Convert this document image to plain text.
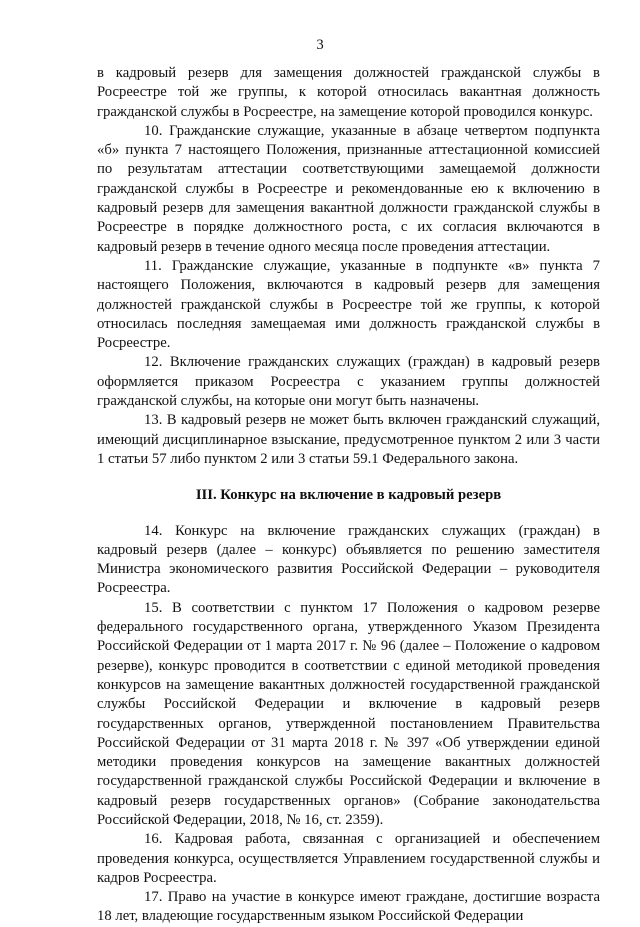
3

в кадровый резерв для замещения должностей гражданской службы в Росреестре той же группы, к которой относилась вакантная должность гражданской службы в Росреестре, на замещение которой проводился конкурс.

10. Гражданские служащие, указанные в абзаце четвертом подпункта «б» пункта 7 настоящего Положения, признанные аттестационной комиссией по результатам аттестации соответствующими замещаемой должности гражданской службы в Росреестре и рекомендованные ею к включению в кадровый резерв для замещения вакантной должности гражданской службы в Росреестре в порядке должностного роста, с их согласия включаются в кадровый резерв в течение одного месяца после проведения аттестации.

11. Гражданские служащие, указанные в подпункте «в» пункта 7 настоящего Положения, включаются в кадровый резерв для замещения должностей гражданской службы в Росреестре той же группы, к которой относилась последняя замещаемая ими должность гражданской службы в Росреестре.

12. Включение гражданских служащих (граждан) в кадровый резерв оформляется приказом Росреестра с указанием группы должностей гражданской службы, на которые они могут быть назначены.

13. В кадровый резерв не может быть включен гражданский служащий, имеющий дисциплинарное взыскание, предусмотренное пунктом 2 или 3 части 1 статьи 57 либо пунктом 2 или 3 статьи 59.1 Федерального закона.

III. Конкурс на включение в кадровый резерв

14. Конкурс на включение гражданских служащих (граждан) в кадровый резерв (далее – конкурс) объявляется по решению заместителя Министра экономического развития Российской Федерации – руководителя Росреестра.

15. В соответствии с пунктом 17 Положения о кадровом резерве федерального государственного органа, утвержденного Указом Президента Российской Федерации от 1 марта 2017 г. № 96 (далее – Положение о кадровом резерве), конкурс проводится в соответствии с единой методикой проведения конкурсов на замещение вакантных должностей государственной гражданской службы Российской Федерации и включение в кадровый резерв государственных органов, утвержденной постановлением Правительства Российской Федерации от 31 марта 2018 г. № 397 «Об утверждении единой методики проведения конкурсов на замещение вакантных должностей государственной гражданской службы Российской Федерации и включение в кадровый резерв государственных органов» (Собрание законодательства Российской Федерации, 2018, № 16, ст. 2359).

16. Кадровая работа, связанная с организацией и обеспечением проведения конкурса, осуществляется Управлением государственной службы и кадров Росреестра.

17. Право на участие в конкурсе имеют граждане, достигшие возраста 18 лет, владеющие государственным языком Российской Федерации
